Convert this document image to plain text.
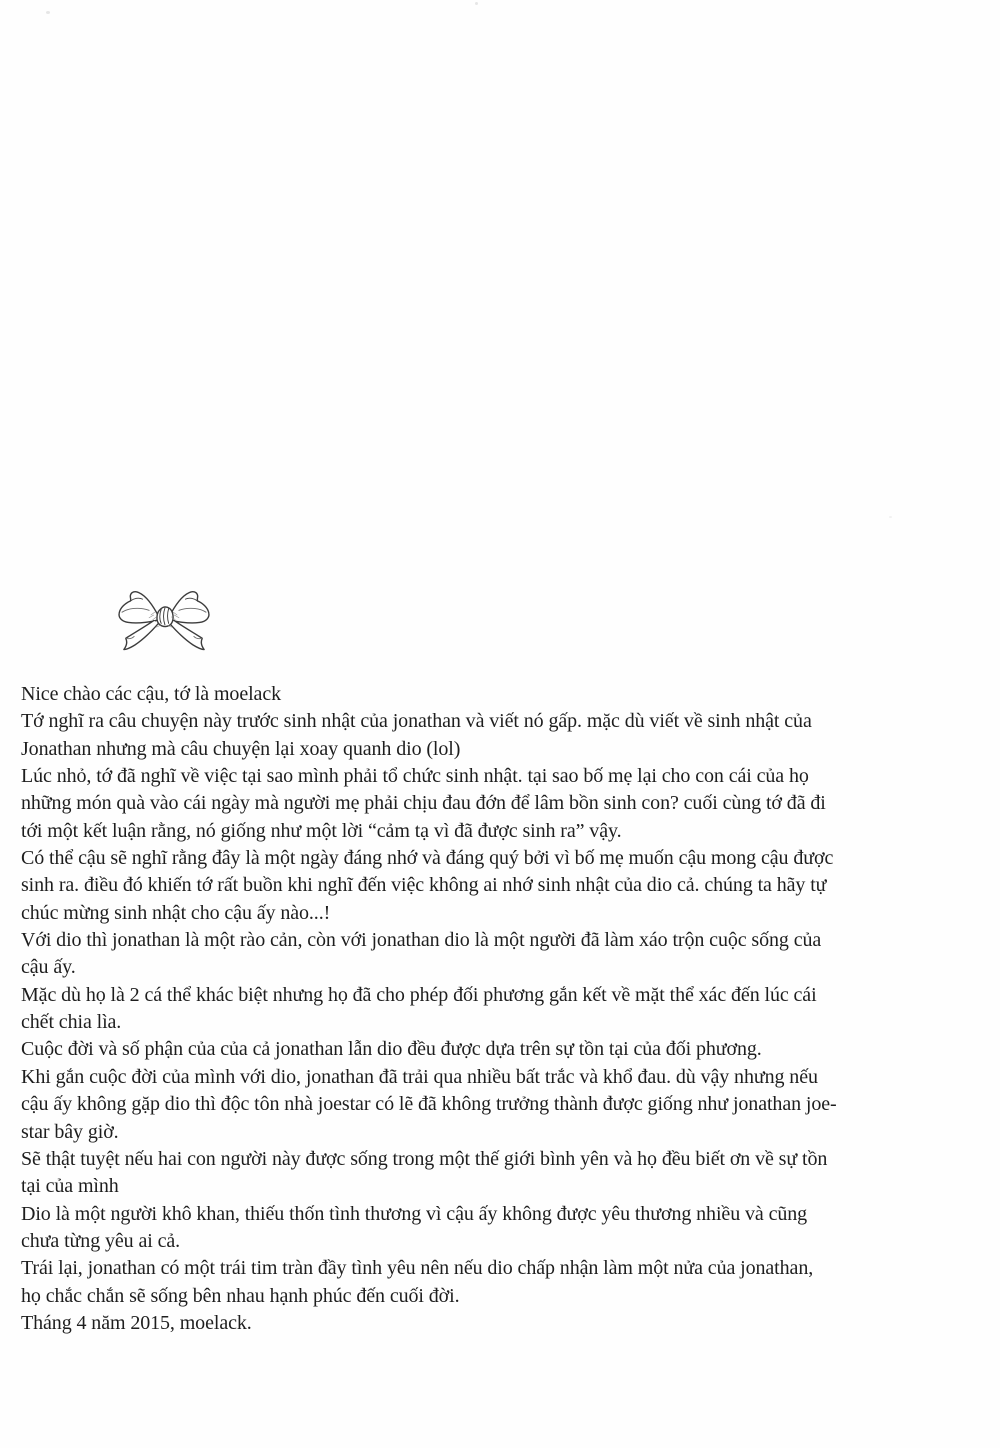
Nice chào các cậu, tớ là moelack
Tớ nghĩ ra câu chuyện này trước sinh nhật của jonathan và viết nó gấp. mặc dù viết về sinh nhật của
Jonathan nhưng mà câu chuyện lại xoay quanh dio (lol)
Lúc nhỏ, tớ đã nghĩ về việc tại sao mình phải tổ chức sinh nhật. tại sao bố mẹ lại cho con cái của họ
những món quà vào cái ngày mà người mẹ phải chịu đau đớn để lâm bồn sinh con? cuối cùng tớ đã đi
tới một kết luận rằng, nó giống như một lời “cảm tạ vì đã được sinh ra” vậy.
Có thể cậu sẽ nghĩ rằng đây là một ngày đáng nhớ và đáng quý bởi vì bố mẹ muốn cậu mong cậu được
sinh ra. điều đó khiến tớ rất buồn khi nghĩ đến việc không ai nhớ sinh nhật của dio cả. chúng ta hãy tự
chúc mừng sinh nhật cho cậu ấy nào...!
Với dio thì jonathan là một rào cản, còn với jonathan dio là một người đã làm xáo trộn cuộc sống của
cậu ấy.
Mặc dù họ là 2 cá thể khác biệt nhưng họ đã cho phép đối phương gắn kết về mặt thể xác đến lúc cái
chết chia lìa.
Cuộc đời và số phận của của cả jonathan lẫn dio đều được dựa trên sự tồn tại của đối phương.
Khi gắn cuộc đời của mình với dio, jonathan đã trải qua nhiều bất trắc và khổ đau. dù vậy nhưng nếu
cậu ấy không gặp dio thì độc tôn nhà joestar có lẽ đã không trưởng thành được giống như jonathan joe-
star bây giờ.
Sẽ thật tuyệt nếu hai con người này được sống trong một thế giới bình yên và họ đều biết ơn về sự tồn
tại của mình
Dio là một người khô khan, thiếu thốn tình thương vì cậu ấy không được yêu thương nhiều và cũng
chưa từng yêu ai cả.
Trái lại, jonathan có một trái tim tràn đầy tình yêu nên nếu dio chấp nhận làm một nửa của jonathan,
họ chắc chắn sẽ sống bên nhau hạnh phúc đến cuối đời.
Tháng 4 năm 2015, moelack.
